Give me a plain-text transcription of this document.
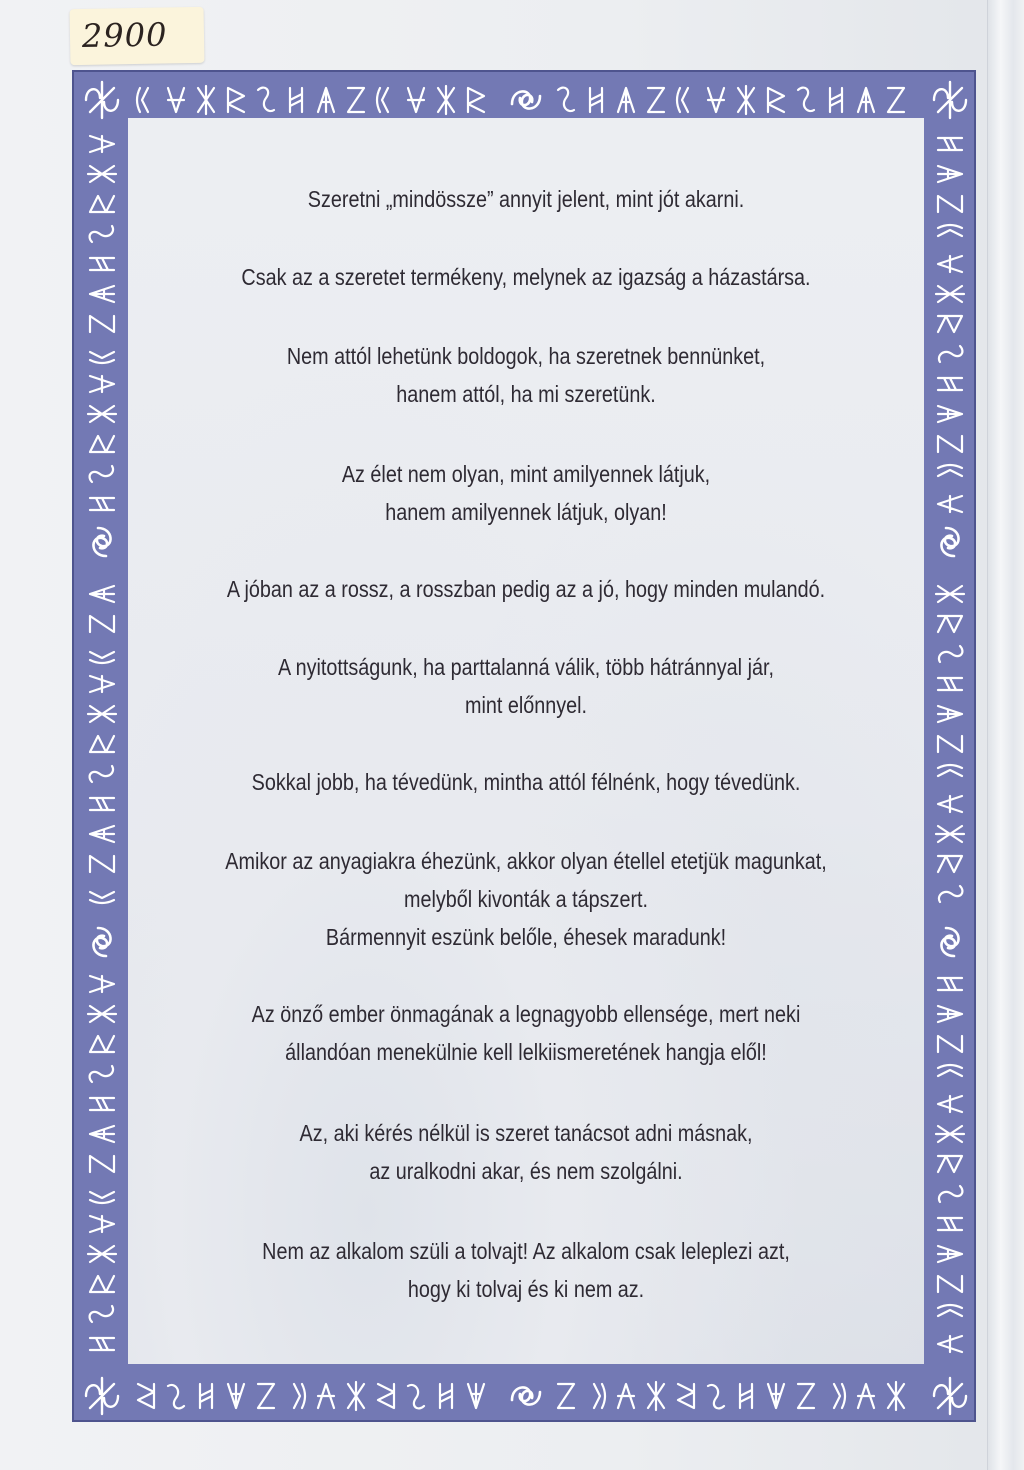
2900
Szeretni „mindössze” annyit jelent, mint jót akarni.
Csak az a szeretet termékeny, melynek az igazság a házastársa.
Nem attól lehetünk boldogok, ha szeretnek bennünket,
hanem attól, ha mi szeretünk.
Az élet nem olyan, mint amilyennek látjuk,
hanem amilyennek látjuk, olyan!
A jóban az a rossz, a rosszban pedig az a jó, hogy minden mulandó.
A nyitottságunk, ha parttalanná válik, több hátránnyal jár,
mint előnnyel.
Sokkal jobb, ha tévedünk, mintha attól félnénk, hogy tévedünk.
Amikor az anyagiakra éhezünk, akkor olyan étellel etetjük magunkat,
melyből kivonták a tápszert.
Bármennyit eszünk belőle, éhesek maradunk!
Az önző ember önmagának a legnagyobb ellensége, mert neki
állandóan menekülnie kell lelkiismeretének hangja elől!
Az, aki kérés nélkül is szeret tanácsot adni másnak,
az uralkodni akar, és nem szolgálni.
Nem az alkalom szüli a tolvajt! Az alkalom csak leleplezi azt,
hogy ki tolvaj és ki nem az.
